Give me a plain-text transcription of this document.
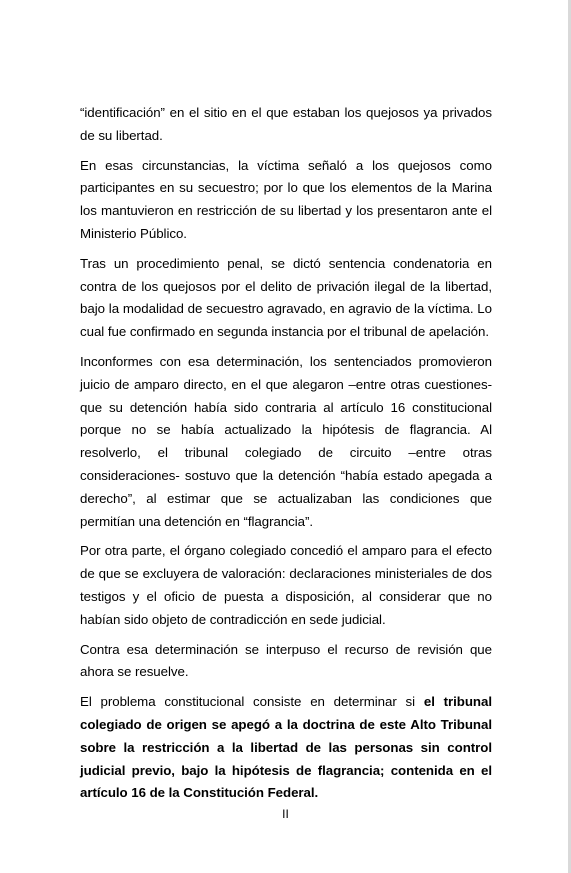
“identificación” en el sitio en el que estaban los quejosos ya privados de su libertad.

En esas circunstancias, la víctima señaló a los quejosos como participantes en su secuestro; por lo que los elementos de la Marina los mantuvieron en restricción de su libertad y los presentaron ante el Ministerio Público.

Tras un procedimiento penal, se dictó sentencia condenatoria en contra de los quejosos por el delito de privación ilegal de la libertad, bajo la modalidad de secuestro agravado, en agravio de la víctima. Lo cual fue confirmado en segunda instancia por el tribunal de apelación.

Inconformes con esa determinación, los sentenciados promovieron juicio de amparo directo, en el que alegaron –entre otras cuestiones- que su detención había sido contraria al artículo 16 constitucional porque no se había actualizado la hipótesis de flagrancia. Al resolverlo, el tribunal colegiado de circuito –entre otras consideraciones- sostuvo que la detención “había estado apegada a derecho”, al estimar que se actualizaban las condiciones que permitían una detención en “flagrancia”.

Por otra parte, el órgano colegiado concedió el amparo para el efecto de que se excluyera de valoración: declaraciones ministeriales de dos testigos y el oficio de puesta a disposición, al considerar que no habían sido objeto de contradicción en sede judicial.

Contra esa determinación se interpuso el recurso de revisión que ahora se resuelve.

El problema constitucional consiste en determinar si el tribunal colegiado de origen se apegó a la doctrina de este Alto Tribunal sobre la restricción a la libertad de las personas sin control judicial previo, bajo la hipótesis de flagrancia; contenida en el artículo 16 de la Constitución Federal.

II
